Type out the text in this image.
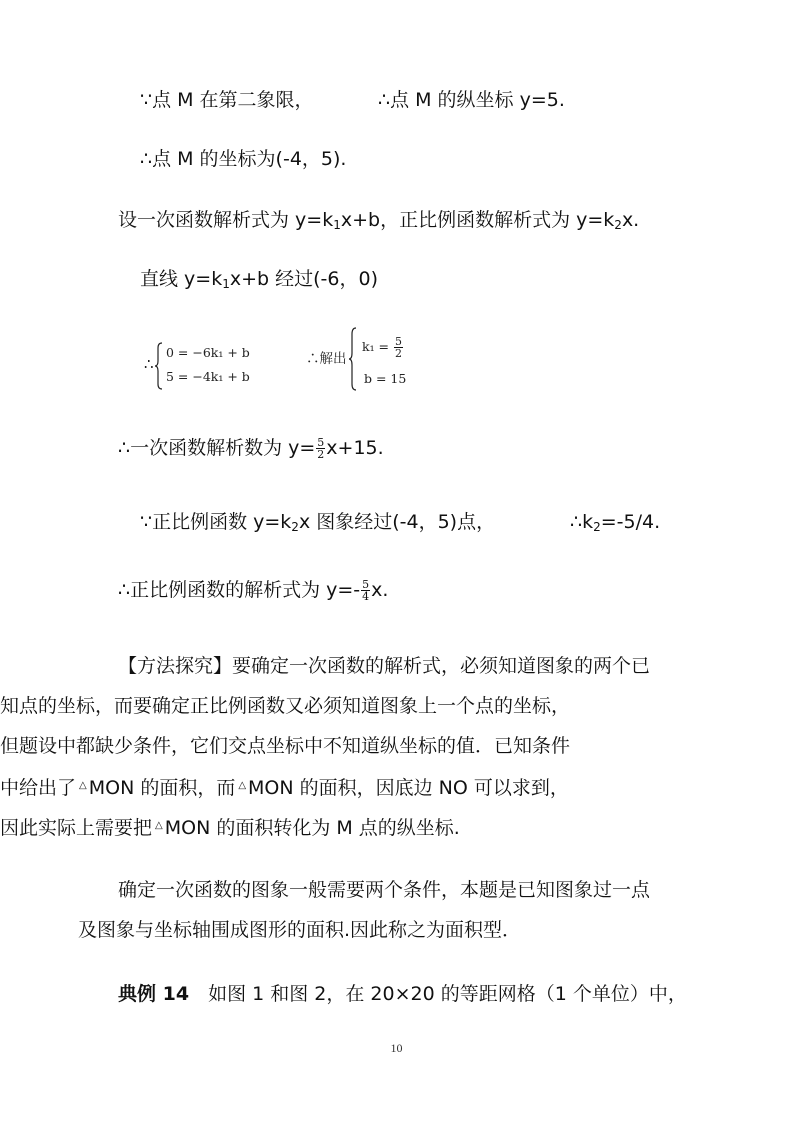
∵点 M 在第二象限，	∴点 M 的纵坐标 y=5.
∴点 M 的坐标为(-4，5).
设一次函数解析式为 $y=k_1x+b$，正比例函数解析式为 $y=k_2x$.
直线 $y=k_1x+b$ 经过(-6，0)
∴
0 = −6k₁ + b
5 = −4k₁ + b
∴解出
$k_1 = \frac{5}{2}$
b = 15
∴一次函数解析数为 $y= \frac{5}{2} x+15$.
∵正比例函数 $y=k_2x$ 图象经过(-4，5)点，	$\therefore k_2=-5/4$.
∴正比例函数的解析式为 $y=- \frac{5}{4} x$.
【方法探究】要确定一次函数的解析式，必须知道图象的两个已
知点的坐标，而要确定正比例函数又必须知道图象上一个点的坐标，
但题设中都缺少条件，它们交点坐标中不知道纵坐标的值．已知条件
中给出了 △ MON 的面积，而 △ MON 的面积，因底边 NO 可以求到，
因此实际上需要把 △ MON 的面积转化为 M 点的纵坐标.
确定一次函数的图象一般需要两个条件，本题是已知图象过一点
及图象与坐标轴围成图形的面积.因此称之为面积型．
典例 14　如图 1 和图 2，在 20×20 的等距网格（1 个单位）中，
10
